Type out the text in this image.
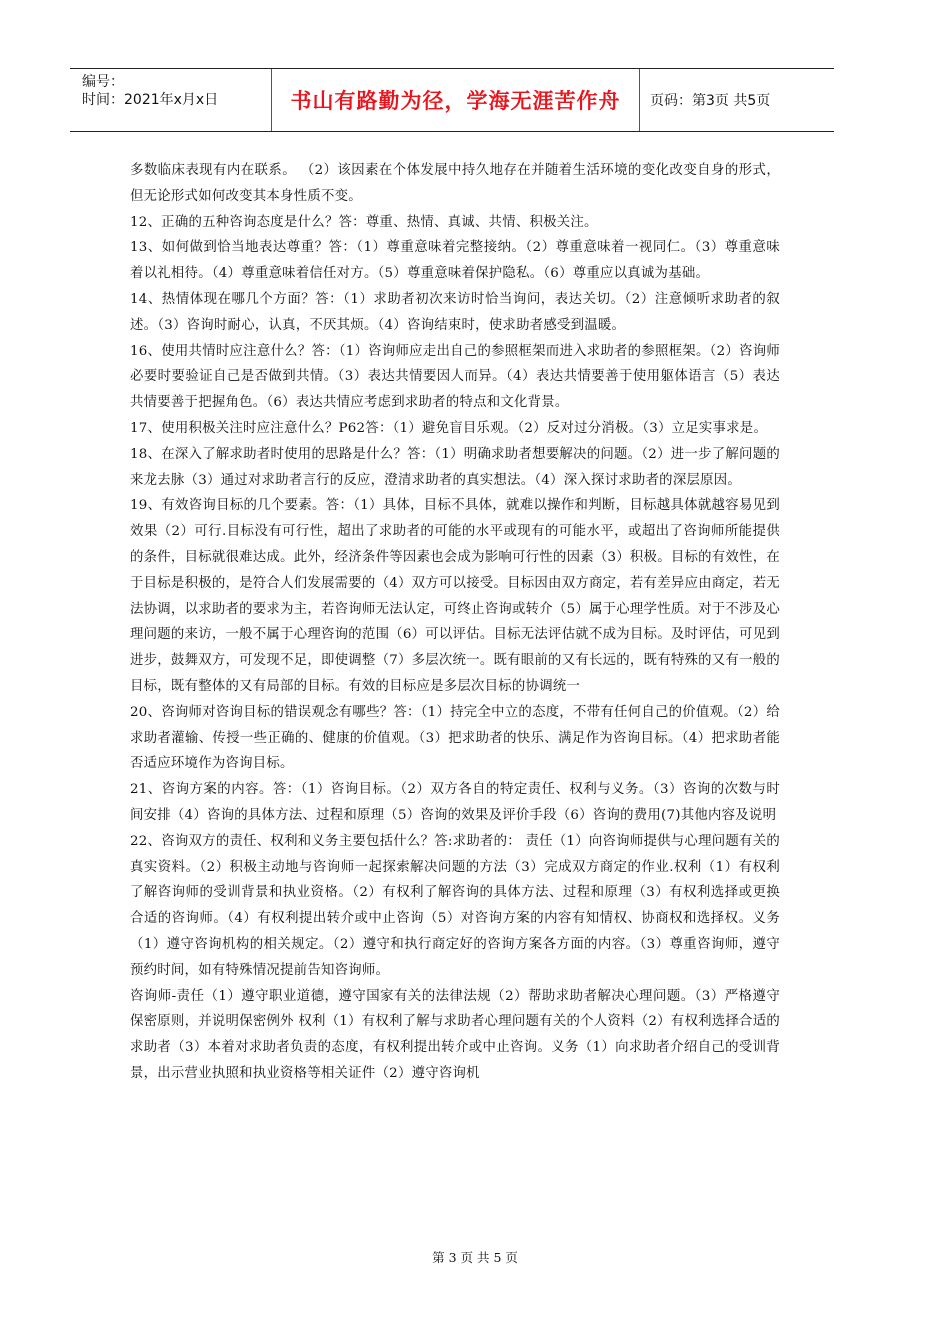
编号：
时间：2021年x月x日	书山有路勤为径，学海无涯苦作舟	页码：第3页 共5页

多数临床表现有内在联系。 （2）该因素在个体发展中持久地存在并随着生活环境的变化改变自身的形式，但无论形式如何改变其本身性质不变。

12、正确的五种咨询态度是什么？答：尊重、热情、真诚、共情、积极关注。

13、如何做到恰当地表达尊重？答：（1）尊重意味着完整接纳。（2）尊重意味着一视同仁。（3）尊重意味着以礼相待。（4）尊重意味着信任对方。（5）尊重意味着保护隐私。（6）尊重应以真诚为基础。

14、热情体现在哪几个方面？答：（1）求助者初次来访时恰当询问，表达关切。（2）注意倾听求助者的叙述。（3）咨询时耐心，认真，不厌其烦。（4）咨询结束时，使求助者感受到温暖。

16、使用共情时应注意什么？答：（1）咨询师应走出自己的参照框架而进入求助者的参照框架。（2）咨询师必要时要验证自己是否做到共情。（3）表达共情要因人而异。（4）表达共情要善于使用躯体语言（5）表达共情要善于把握角色。（6）表达共情应考虑到求助者的特点和文化背景。

17、使用积极关注时应注意什么？P62答：（1）避免盲目乐观。（2）反对过分消极。（3）立足实事求是。

18、在深入了解求助者时使用的思路是什么？答：（1）明确求助者想要解决的问题。（2）进一步了解问题的来龙去脉（3）通过对求助者言行的反应，澄清求助者的真实想法。（4）深入探讨求助者的深层原因。

19、有效咨询目标的几个要素。答：（1）具体，目标不具体，就难以操作和判断，目标越具体就越容易见到效果（2）可行.目标没有可行性，超出了求助者的可能的水平或现有的可能水平，或超出了咨询师所能提供的条件，目标就很难达成。此外，经济条件等因素也会成为影响可行性的因素（3）积极。目标的有效性，在于目标是积极的，是符合人们发展需要的（4）双方可以接受。目标因由双方商定，若有差异应由商定，若无法协调，以求助者的要求为主，若咨询师无法认定，可终止咨询或转介（5）属于心理学性质。对于不涉及心理问题的来访，一般不属于心理咨询的范围（6）可以评估。目标无法评估就不成为目标。及时评估，可见到进步，鼓舞双方，可发现不足，即使调整（7）多层次统一。既有眼前的又有长远的，既有特殊的又有一般的目标，既有整体的又有局部的目标。有效的目标应是多层次目标的协调统一

20、咨询师对咨询目标的错误观念有哪些？答：（1）持完全中立的态度，不带有任何自己的价值观。（2）给求助者灌输、传授一些正确的、健康的价值观。（3）把求助者的快乐、满足作为咨询目标。（4）把求助者能否适应环境作为咨询目标。

21、咨询方案的内容。答：（1）咨询目标。（2）双方各自的特定责任、权利与义务。（3）咨询的次数与时间安排（4）咨询的具体方法、过程和原理（5）咨询的效果及评价手段（6）咨询的费用(7)其他内容及说明

22、咨询双方的责任、权利和义务主要包括什么？答:求助者的： 责任（1）向咨询师提供与心理问题有关的真实资料。（2）积极主动地与咨询师一起探索解决问题的方法（3）完成双方商定的作业.权利（1）有权利了解咨询师的受训背景和执业资格。（2）有权利了解咨询的具体方法、过程和原理（3）有权利选择或更换合适的咨询师。（4）有权利提出转介或中止咨询（5）对咨询方案的内容有知情权、协商权和选择权。义务（1）遵守咨询机构的相关规定。（2）遵守和执行商定好的咨询方案各方面的内容。（3）尊重咨询师，遵守预约时间，如有特殊情况提前告知咨询师。

咨询师-责任（1）遵守职业道德，遵守国家有关的法律法规（2）帮助求助者解决心理问题。（3）严格遵守保密原则，并说明保密例外 权利（1）有权利了解与求助者心理问题有关的个人资料（2）有权利选择合适的求助者（3）本着对求助者负责的态度，有权利提出转介或中止咨询。义务（1）向求助者介绍自己的受训背景，出示营业执照和执业资格等相关证件（2）遵守咨询机

第 3 页 共 5 页
